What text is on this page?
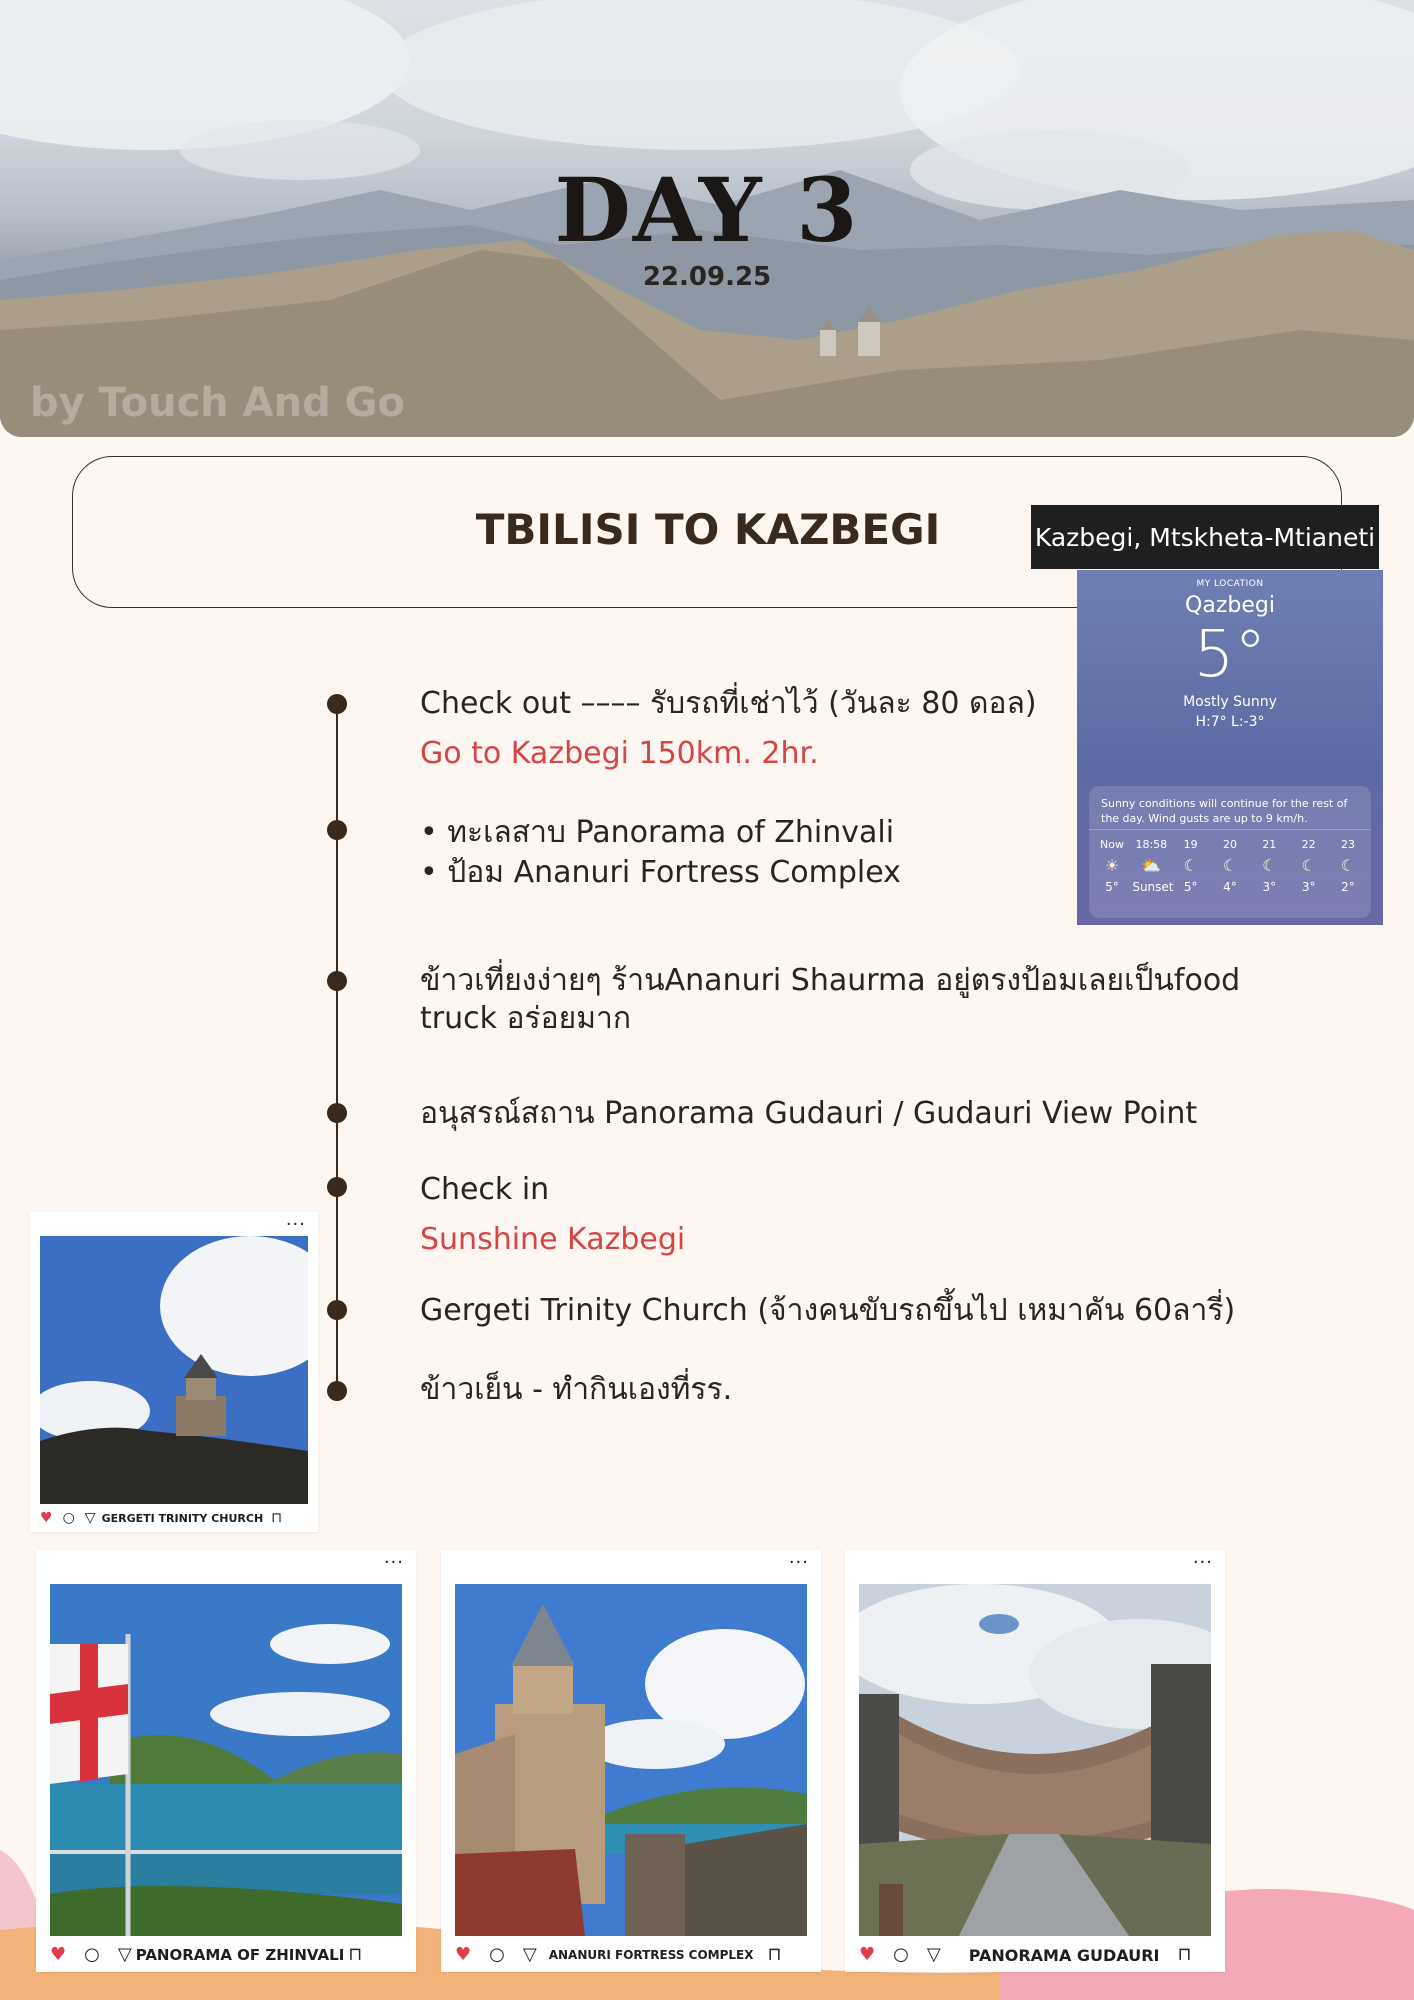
DAY 3
22.09.25
by Touch And Go
TBILISI TO KAZBEGI	Kazbegi, Mtskheta-Mtianeti
MY LOCATION
Qazbegi
5°
Mostly Sunny
H:7° L:-3°
Sunny conditions will continue for the rest of the day. Wind gusts are up to 9 km/h.
Now
☀
5°
18:58
⛅
Sunset
19
☾
5°
20
☾
4°
21
☾
3°
22
☾
3°
23
☾
2°
Check out –––– รับรถที่เช่าไว้ (วันละ 80 ดอล)
Go to Kazbegi 150km. 2hr.
• ทะเลสาบ Panorama of Zhinvali
• ป้อม Ananuri Fortress Complex
ข้าวเที่ยงง่ายๆ ร้านAnanuri Shaurma อยู่ตรงป้อมเลยเป็นfood truck อร่อยมาก
อนุสรณ์สถาน Panorama Gudauri / Gudauri View Point
Check in
Sunshine Kazbegi
Gergeti Trinity Church (จ้างคนขับรถขึ้นไป เหมาคัน 60ลารี่)
ข้าวเย็น - ทำกินเองที่รร.
···
♥ ○ ▽ GERGETI TRINITY CHURCH ⊓
···
♥ ○ ▽ PANORAMA OF ZHINVALI ⊓
···
♥ ○ ▽ ANANURI FORTRESS COMPLEX ⊓
···
♥ ○ ▽ PANORAMA GUDAURI ⊓
